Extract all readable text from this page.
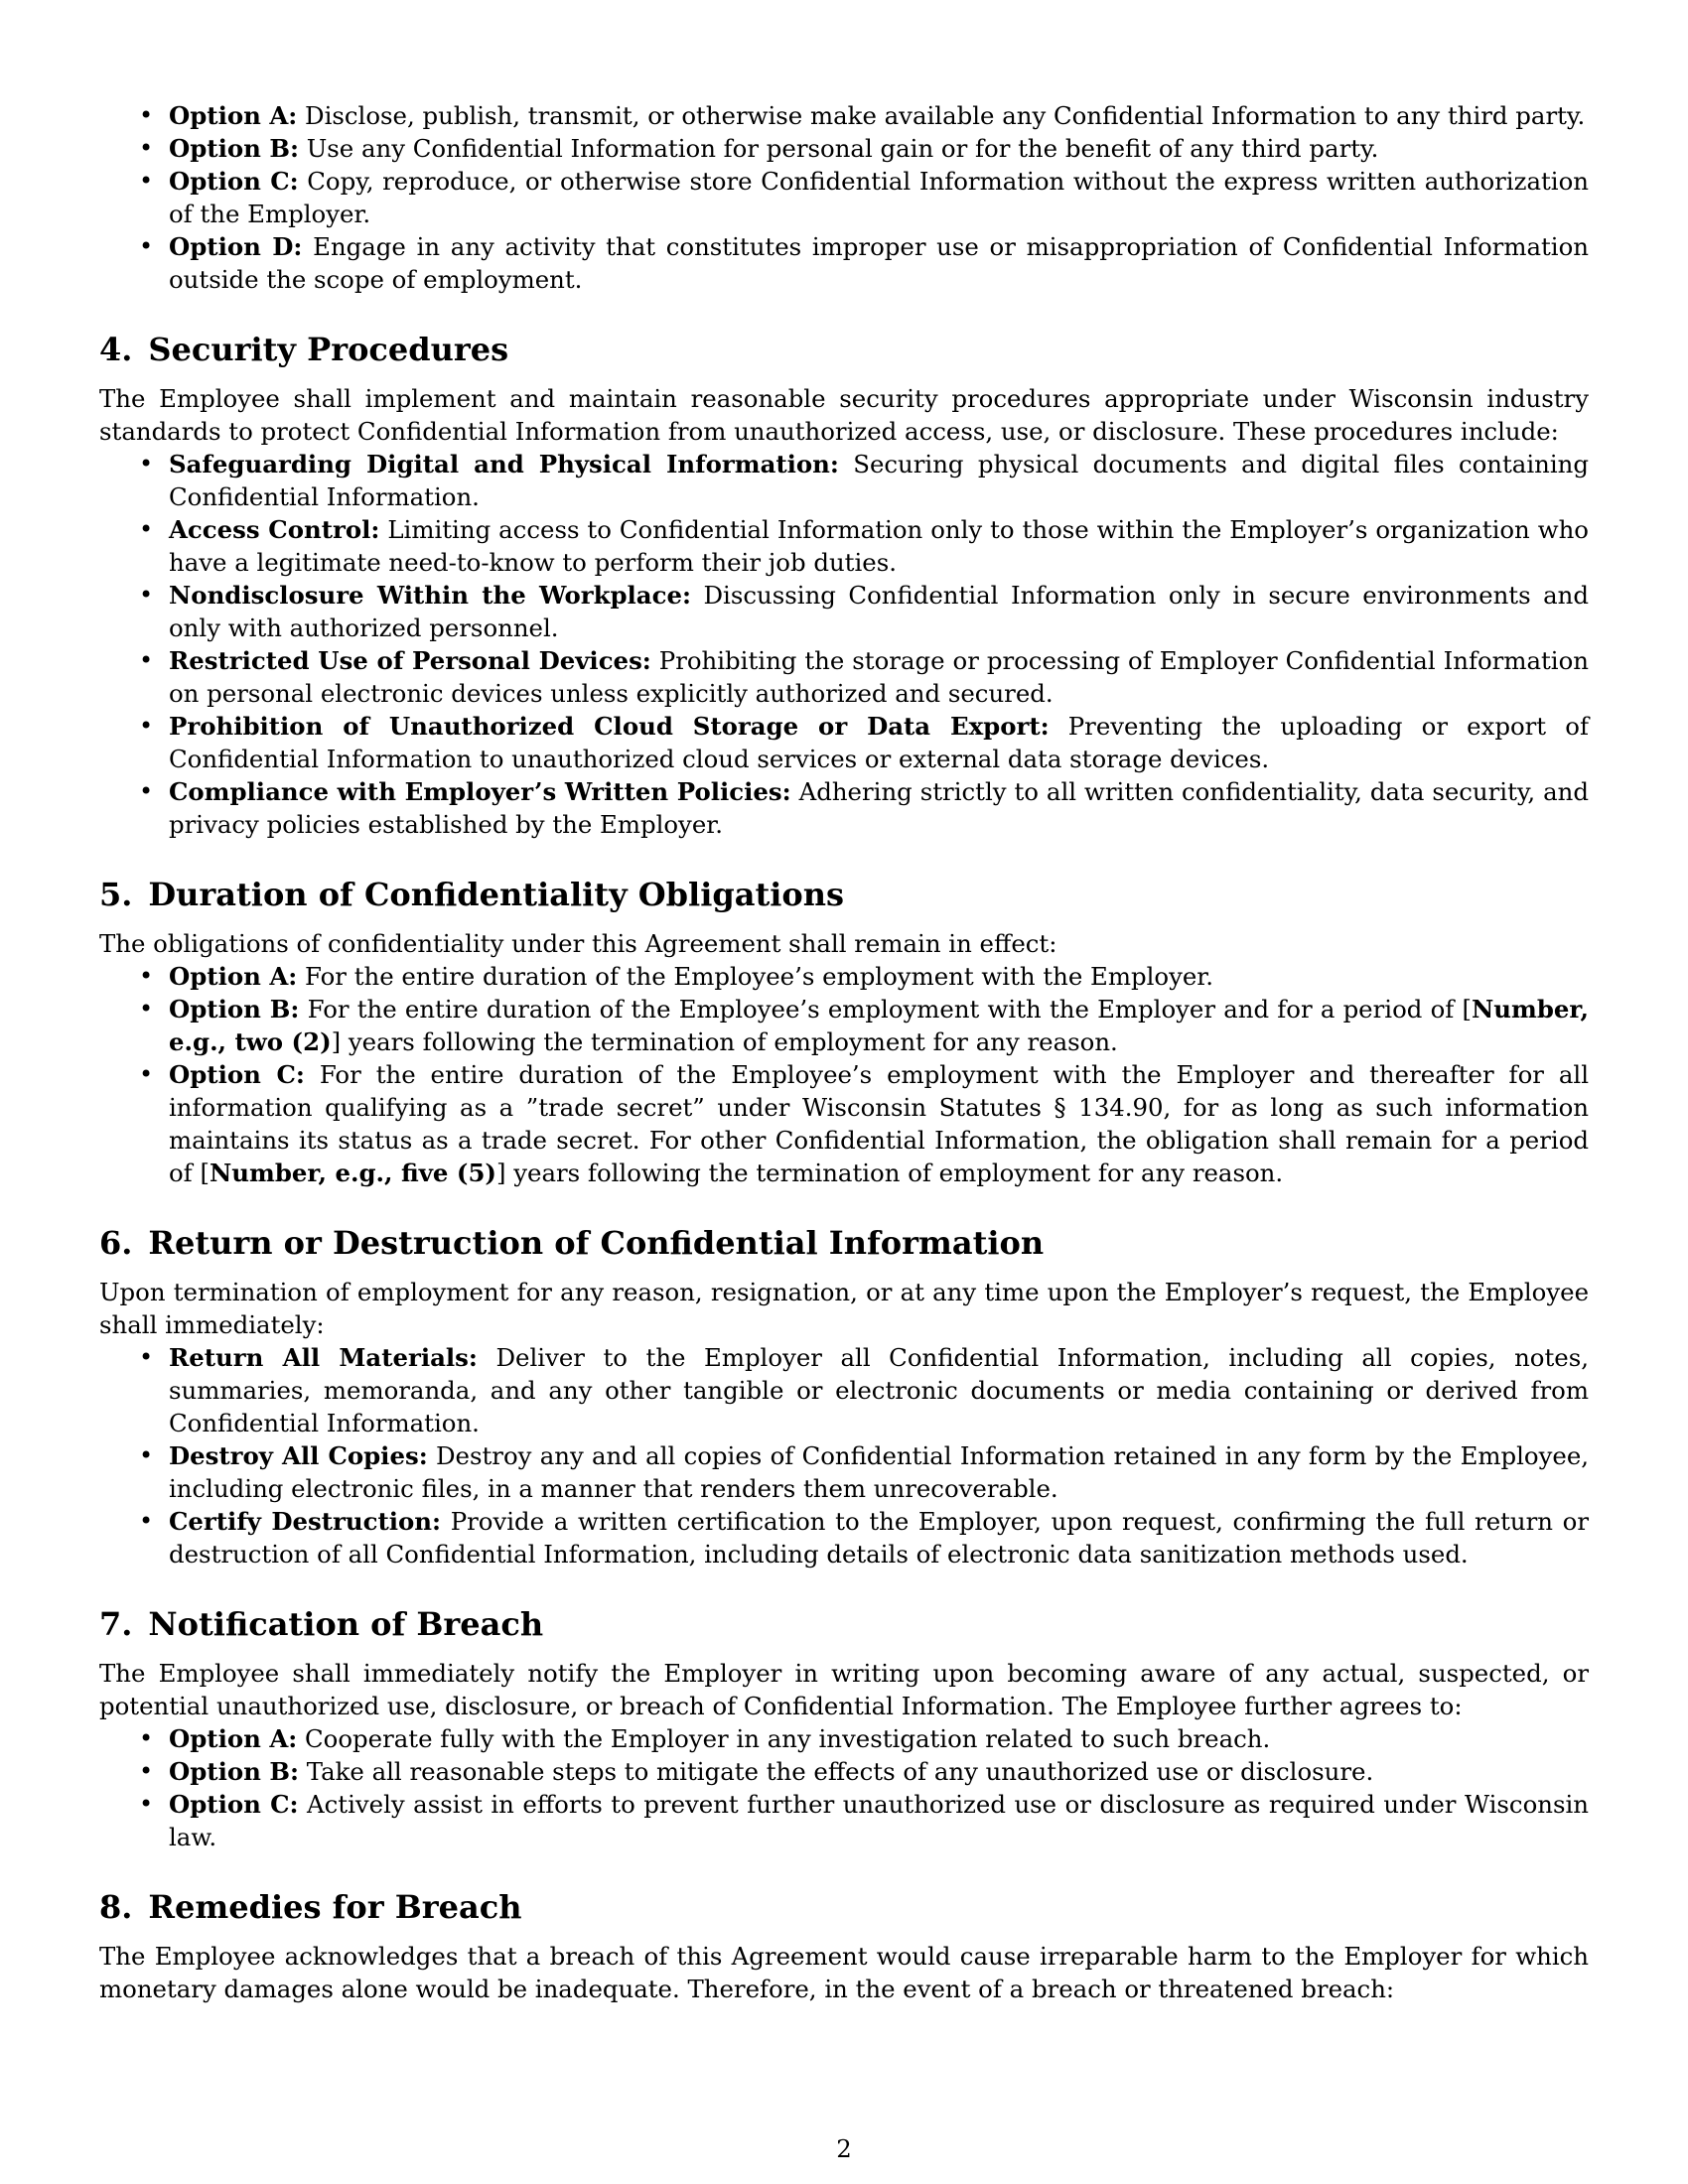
• Option A: Disclose, publish, transmit, or otherwise make available any Confidential Information to any third party.
• Option B: Use any Confidential Information for personal gain or for the benefit of any third party.
• Option C: Copy, reproduce, or otherwise store Confidential Information without the express written authorization of the Employer.
• Option D: Engage in any activity that constitutes improper use or misappropriation of Confidential Information outside the scope of employment.
4. Security Procedures

The Employee shall implement and maintain reasonable security procedures appropriate under Wisconsin industry standards to protect Confidential Information from unauthorized access, use, or disclosure. These procedures include:

• Safeguarding Digital and Physical Information: Securing physical documents and digital files containing Confidential Information.
• Access Control: Limiting access to Confidential Information only to those within the Employer’s organization who have a legitimate need-to-know to perform their job duties.
• Nondisclosure Within the Workplace: Discussing Confidential Information only in secure environments and only with authorized personnel.
• Restricted Use of Personal Devices: Prohibiting the storage or processing of Employer Confidential Information on personal electronic devices unless explicitly authorized and secured.
• Prohibition of Unauthorized Cloud Storage or Data Export: Preventing the uploading or export of Confidential Information to unauthorized cloud services or external data storage devices.
• Compliance with Employer’s Written Policies: Adhering strictly to all written confidentiality, data security, and privacy policies established by the Employer.
5. Duration of Confidentiality Obligations

The obligations of confidentiality under this Agreement shall remain in effect:

• Option A: For the entire duration of the Employee’s employment with the Employer.
• Option B: For the entire duration of the Employee’s employment with the Employer and for a period of [Number, e.g., two (2)] years following the termination of employment for any reason.
• Option C: For the entire duration of the Employee’s employment with the Employer and thereafter for all information qualifying as a ”trade secret” under Wisconsin Statutes § 134.90, for as long as such information maintains its status as a trade secret. For other Confidential Information, the obligation shall remain for a period of [Number, e.g., five (5)] years following the termination of employment for any reason.
6. Return or Destruction of Confidential Information

Upon termination of employment for any reason, resignation, or at any time upon the Employer’s request, the Employee shall immediately:

• Return All Materials: Deliver to the Employer all Confidential Information, including all copies, notes, summaries, memoranda, and any other tangible or electronic documents or media containing or derived from Confidential Information.
• Destroy All Copies: Destroy any and all copies of Confidential Information retained in any form by the Employee, including electronic files, in a manner that renders them unrecoverable.
• Certify Destruction: Provide a written certification to the Employer, upon request, confirming the full return or destruction of all Confidential Information, including details of electronic data sanitization methods used.
7. Notification of Breach

The Employee shall immediately notify the Employer in writing upon becoming aware of any actual, suspected, or potential unauthorized use, disclosure, or breach of Confidential Information. The Employee further agrees to:

• Option A: Cooperate fully with the Employer in any investigation related to such breach.
• Option B: Take all reasonable steps to mitigate the effects of any unauthorized use or disclosure.
• Option C: Actively assist in efforts to prevent further unauthorized use or disclosure as required under Wisconsin law.
8. Remedies for Breach

The Employee acknowledges that a breach of this Agreement would cause irreparable harm to the Employer for which monetary damages alone would be inadequate. Therefore, in the event of a breach or threatened breach:

2
